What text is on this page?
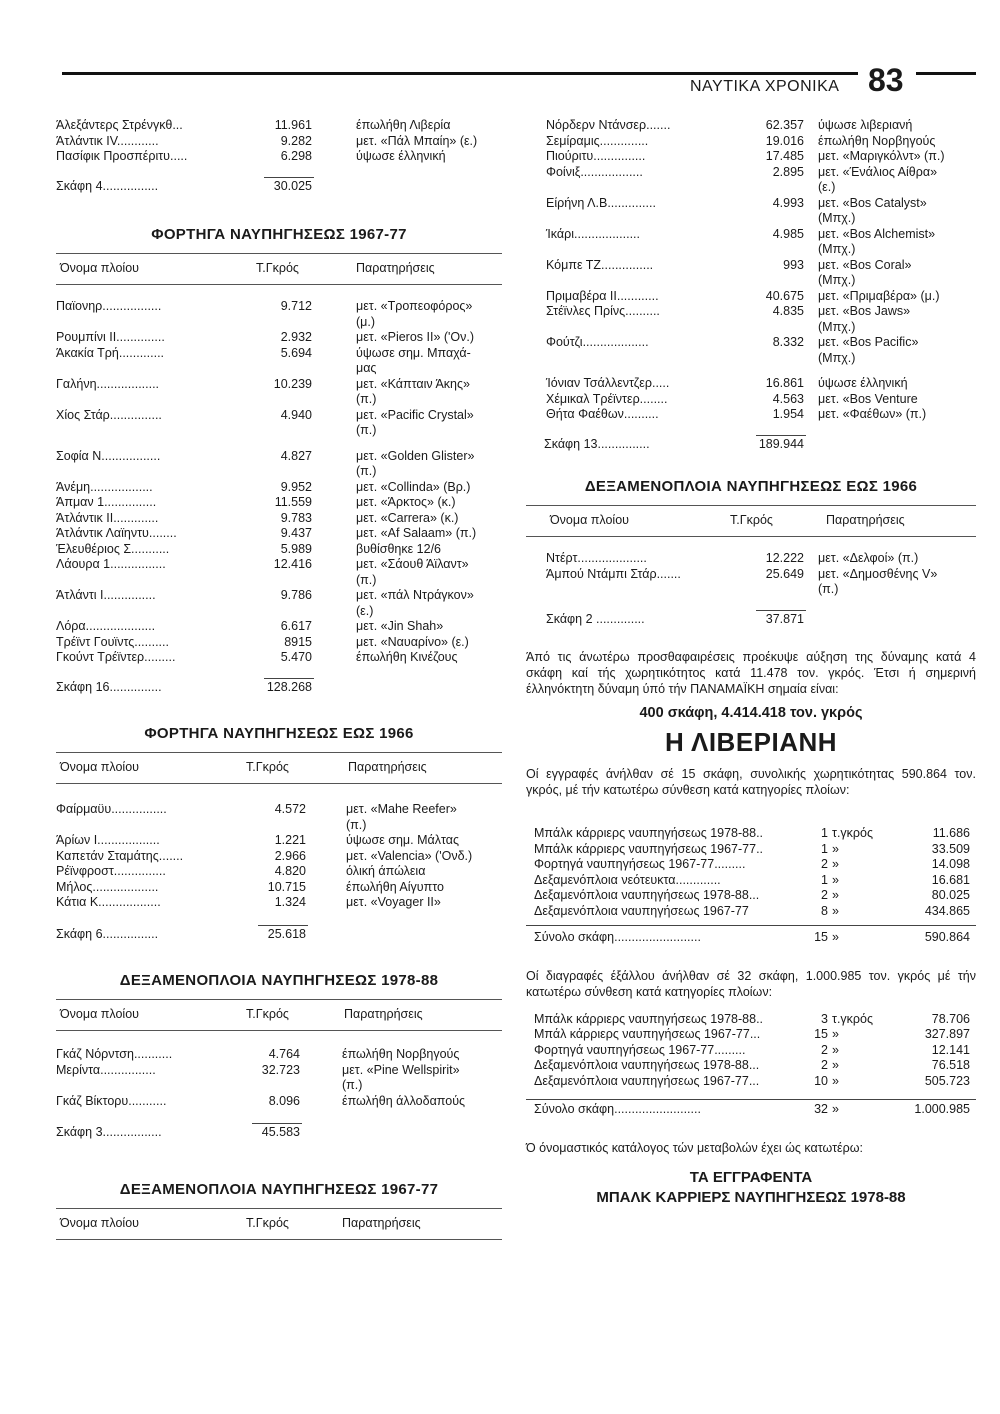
ΝΑΥΤΙΚΑ ΧΡΟΝΙΚΑ 83
Άλεξάντερς Στρένγκθ...	11.961	έπωλήθη Λιβερία
Άτλάντικ IV............	9.282	μετ. «Πάλ Μπαίη» (ε.)
Πασίφικ Προσπέριτυ.....	6.298	ύψωσε έλληνική
Σκάφη 4................	30.025
ΦΟΡΤΗΓΑ ΝΑΥΠΗΓΗΣΕΩΣ 1967-77
Όνομα πλοίου	Τ.Γκρός	Παρατηρήσεις
Παϊονηρ.................	9.712	μετ. «Τροπεοφόρος»
(μ.)
Ρουμπίνι II..............	2.932	μετ. «Pieros II» ('Ον.)
Άκακία Τρή.............	5.694	ύψωσε σημ. Μπαχά-
μας
Γαλήνη..................	10.239	μετ. «Κάπταιν Άκης»
(π.)
Χίος Στάρ...............	4.940	μετ. «Pacific Crystal»
(π.)
Σοφία Ν.................	4.827	μετ. «Golden Glister»
(π.)
Άνέμη..................	9.952	μετ. «Collinda» (Βρ.)
Άπμαν 1...............	11.559	μετ. «Άρκτος» (κ.)
Άτλάντικ II.............	9.783	μετ. «Carrera» (κ.)
Άτλάντικ Λαϊηντυ........	9.437	μετ. «Af Salaam» (π.)
Έλευθέριος Σ...........	5.989	βυθίσθηκε 12/6
Λάουρα 1................	12.416	μετ. «Σάουθ Άϊλαντ»
(π.)
Άτλάντι I...............	9.786	μετ. «πάλ Ντράγκον»
(ε.)
Λόρα....................	6.617	μετ. «Jin Shah»
Τρέϊντ Γουϊντς..........	8915	μετ. «Ναυαρίνο» (ε.)
Γκούντ Τρέϊντερ.........	5.470	έπωλήθη Κινέζους
Σκάφη 16...............	128.268
ΦΟΡΤΗΓΑ ΝΑΥΠΗΓΗΣΕΩΣ ΕΩΣ 1966
Όνομα πλοίου	Τ.Γκρός	Παρατηρήσεις
Φαίρμαϋυ................	4.572	μετ. «Mahe Reefer»
(π.)
Άρίων I..................	1.221	ύψωσε σημ. Μάλτας
Καπετάν Σταμάτης.......	2.966	μετ. «Valencia» ('Ονδ.)
Ρέϊνφροστ...............	4.820	όλική άπώλεια
Μήλος...................	10.715	έπωλήθη Αίγυπτο
Κάτια Κ..................	1.324	μετ. «Voyager II»
Σκάφη 6................	25.618
ΔΕΞΑΜΕΝΟΠΛΟΙΑ ΝΑΥΠΗΓΗΣΕΩΣ 1978-88
Όνομα πλοίου	Τ.Γκρός	Παρατηρήσεις
Γκάζ Νόρντση...........	4.764	έπωλήθη Νορβηγούς
Μερίντα................	32.723	μετ. «Pine Wellspirit»
(π.)
Γκάζ Βίκτορυ...........	8.096	έπωλήθη άλλοδαπούς
Σκάφη 3.................	45.583
ΔΕΞΑΜΕΝΟΠΛΟΙΑ ΝΑΥΠΗΓΗΣΕΩΣ 1967-77
Όνομα πλοίου	Τ.Γκρός	Παρατηρήσεις
Νόρδερν Ντάνσερ.......	62.357 ύψωσε λιβεριανή
Σεμίραμις..............	19.016 έπωλήθη Νορβηγούς
Πιούριτυ...............	17.485 μετ. «Μαριγκόλντ» (π.)
Φοίνιξ..................	2.895 μετ. «Ένάλιος Αίθρα»
(ε.)
Είρήνη Λ.Β..............	4.993 μετ. «Bos Catalyst»
(Μπχ.)
Ίκάρι...................	4.985 μετ. «Bos Alchemist»
(Μπχ.)
Κόμπε ΤΖ...............	993 μετ. «Bos Coral»
(Μπχ.)
Πριμαβέρα II............	40.675 μετ. «Πριμαβέρα» (μ.)
Στέϊνλες Πρίνς..........	4.835 μετ. «Bos Jaws»
(Μπχ.)
Φούτζι...................	8.332 μετ. «Bos Pacific»
(Μπχ.)
Ίόνιαν Τσάλλεντζερ.....	16.861 ύψωσε έλληνική
Χέμικαλ Τρέϊντερ........	4.563 μετ. «Bos Venture
Θήτα Φαέθων..........	1.954 μετ. «Φαέθων» (π.)
Σκάφη 13...............	189.944
ΔΕΞΑΜΕΝΟΠΛΟΙΑ ΝΑΥΠΗΓΗΣΕΩΣ ΕΩΣ 1966
Όνομα πλοίου	Τ.Γκρός	Παρατηρήσεις
Ντέρτ....................	12.222 μετ. «Δελφοί» (π.)
Άμπού Ντάμπι Στάρ.......	25.649 μετ. «Δημοσθένης V»
(π.)
Σκάφη 2 ..............	37.871

Άπό τις άνωτέρω προσθαφαιρέσεις προέκυψε αύξηση της δύναμης κατά 4 σκάφη καί τής χωρητικότητος κατά 11.478 τον. γκρός. Έτσι ή σημερινή έλληνόκτητη δύναμη ύπό τήν ΠΑΝΑΜΑΪΚΗ σημαία είναι:

400 σκάφη, 4.414.418 τον. γκρός
Η ΛΙΒΕΡΙΑΝΗ

Οί εγγραφές άνήλθαν σέ 15 σκάφη, συνολικής χωρητικότητας 590.864 τον. γκρός, μέ τήν κατωτέρω σύνθεση κατά κατηγορίες πλοίων:

Μπάλκ κάρριερς ναυπηγήσεως 1978-88..	1 τ.γκρός	11.686
Μπάλκ κάρριερς ναυπηγήσεως 1967-77..	1 »	33.509
Φορτηγά ναυπηγήσεως 1967-77.........	2 »	14.098
Δεξαμενόπλοια νεότευκτα.............	1 »	16.681
Δεξαμενόπλοια ναυπηγήσεως 1978-88...	2 »	80.025
Δεξαμενόπλοια ναυπηγήσεως 1967-77	8 »	434.865
Σύνολο σκάφη.........................	15 »	590.864

Οί διαγραφές έξάλλου άνήλθαν σέ 32 σκάφη, 1.000.985 τον. γκρός μέ τήν κατωτέρω σύνθεση κατά κατηγορίες πλοίων:

Μπάλκ κάρριερς ναυπηγήσεως 1978-88..	3 τ.γκρός	78.706
Μπάλ κάρριερς ναυπηγήσεως 1967-77...	15 »	327.897
Φορτηγά ναυπηγήσεως 1967-77.........	2 »	12.141
Δεξαμενόπλοια ναυπηγήσεως 1978-88...	2 »	76.518
Δεξαμενόπλοια ναυπηγήσεως 1967-77...	10 »	505.723
Σύνολο σκάφη.........................	32 »	1.000.985

Ό όνομαστικός κατάλογος τών μεταβολών έχει ώς κατωτέρω:

ΤΑ ΕΓΓΡΑΦΕΝΤΑ
ΜΠΑΛΚ ΚΑΡΡΙΕΡΣ ΝΑΥΠΗΓΗΣΕΩΣ 1978-88
